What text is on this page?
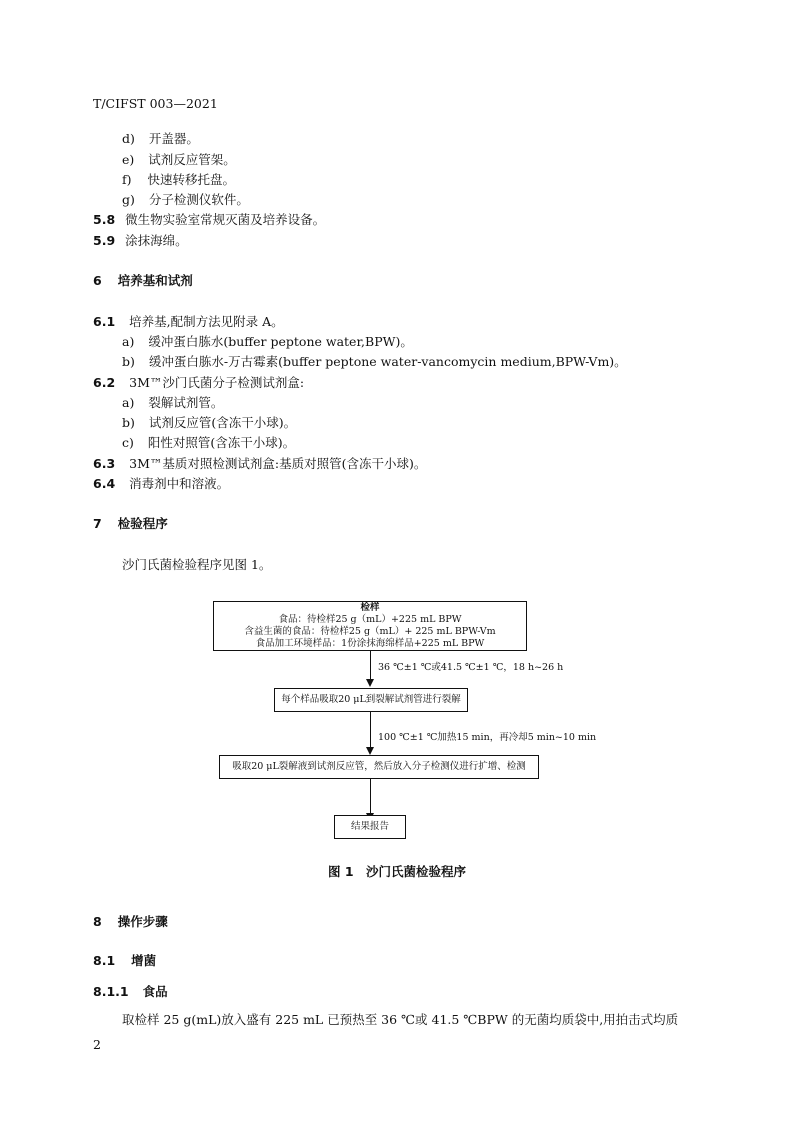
T/CIFST 003—2021
d) 开盖器。
e) 试剂反应管架。
f) 快速转移托盘。
g) 分子检测仪软件。
5.8 微生物实验室常规灭菌及培养设备。
5.9 涂抹海绵。
6 培养基和试剂
6.1 培养基,配制方法见附录 A。
a) 缓冲蛋白胨水(buffer peptone water,BPW)。
b) 缓冲蛋白胨水-万古霉素(buffer peptone water-vancomycin medium,BPW-Vm)。
6.2 3M™沙门氏菌分子检测试剂盒:
a) 裂解试剂管。
b) 试剂反应管(含冻干小球)。
c) 阳性对照管(含冻干小球)。
6.3 3M™基质对照检测试剂盒:基质对照管(含冻干小球)。
6.4 消毒剂中和溶液。
7 检验程序
沙门氏菌检验程序见图 1。
检样
食品：待检样25 g（mL）+225 mL BPW
含益生菌的食品：待检样25 g（mL）+ 225 mL BPW-Vm
食品加工环境样品：1份涂抹海绵样品+225 mL BPW
36 ℃±1 ℃或41.5 ℃±1 ℃，18 h~26 h
每个样品吸取20 μL到裂解试剂管进行裂解
100 ℃±1 ℃加热15 min，再冷却5 min~10 min
吸取20 μL裂解液到试剂反应管，然后放入分子检测仪进行扩增、检测
结果报告
图 1　沙门氏菌检验程序
8 操作步骤
8.1 增菌
8.1.1 食品
取检样 25 g(mL)放入盛有 225 mL 已预热至 36 ℃或 41.5 ℃BPW 的无菌均质袋中,用拍击式均质
2
